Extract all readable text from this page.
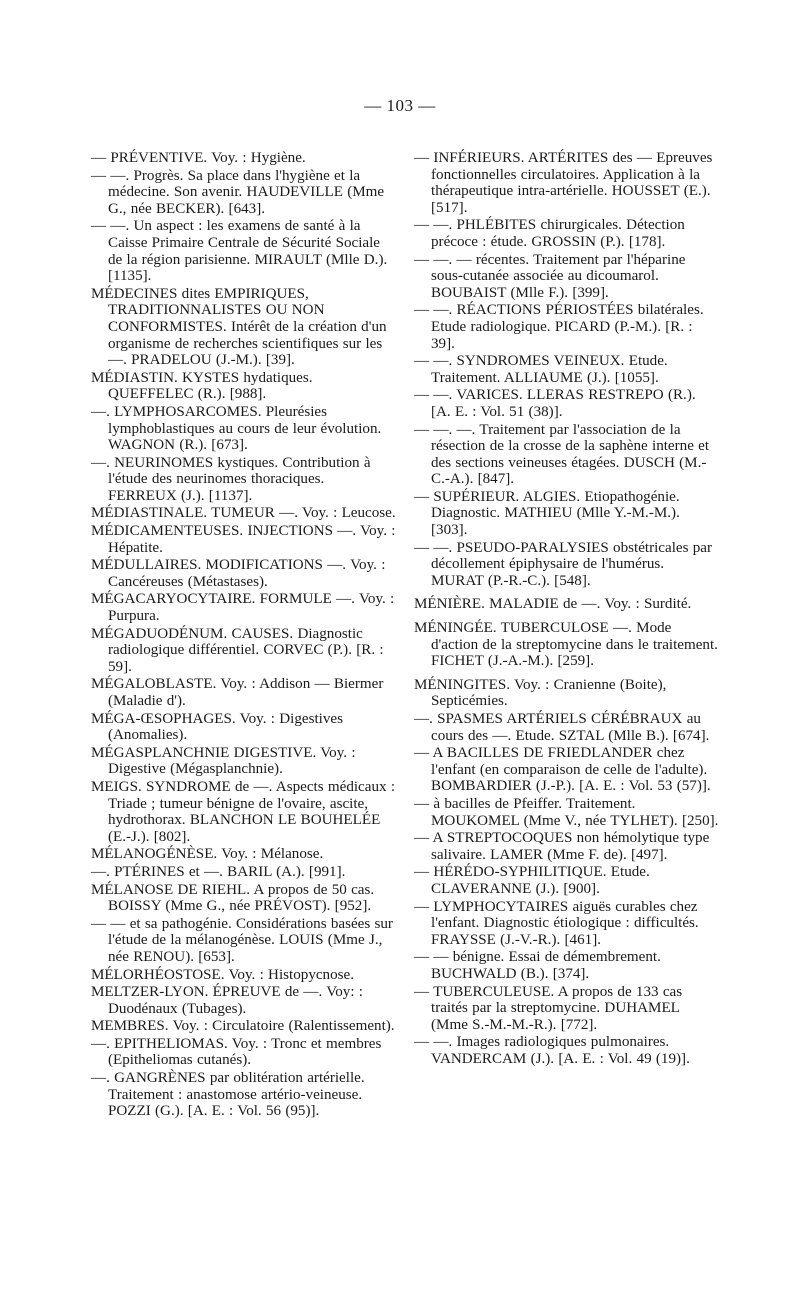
— 103 —

— PRÉVENTIVE. Voy. : Hygiène.

— —. Progrès. Sa place dans l'hygiène et la médecine. Son avenir. HAUDEVILLE (Mme G., née BECKER). [643].

— —. Un aspect : les examens de santé à la Caisse Primaire Centrale de Sécurité Sociale de la région parisienne. MIRAULT (Mlle D.). [1135].

MÉDECINES dites EMPIRIQUES, TRADITIONNALISTES OU NON CONFORMISTES. Intérêt de la création d'un organisme de recherches scientifiques sur les —. PRADELOU (J.-M.). [39].

MÉDIASTIN. KYSTES hydatiques. QUEFFELEC (R.). [988].

—. LYMPHOSARCOMES. Pleurésies lymphoblastiques au cours de leur évolution. WAGNON (R.). [673].

—. NEURINOMES kystiques. Contribution à l'étude des neurinomes thoraciques. FERREUX (J.). [1137].

MÉDIASTINALE. TUMEUR —. Voy. : Leucose.

MÉDICAMENTEUSES. INJECTIONS —. Voy. : Hépatite.

MÉDULLAIRES. MODIFICATIONS —. Voy. : Cancéreuses (Métastases).

MÉGACARYOCYTAIRE. FORMULE —. Voy. : Purpura.

MÉGADUODÉNUM. CAUSES. Diagnostic radiologique différentiel. CORVEC (P.). [R. : 59].

MÉGALOBLASTE. Voy. : Addison — Biermer (Maladie d').

MÉGA-ŒSOPHAGES. Voy. : Digestives (Anomalies).

MÉGASPLANCHNIE DIGESTIVE. Voy. : Digestive (Mégasplanchnie).

MEIGS. SYNDROME de —. Aspects médicaux : Triade ; tumeur bénigne de l'ovaire, ascite, hydrothorax. BLANCHON LE BOUHELÉE (E.-J.). [802].

MÉLANOGÉNÈSE. Voy. : Mélanose.

—. PTÉRINES et —. BARIL (A.). [991].

MÉLANOSE DE RIEHL. A propos de 50 cas. BOISSY (Mme G., née PRÉVOST). [952].

— — et sa pathogénie. Considérations basées sur l'étude de la mélanogénèse. LOUIS (Mme J., née RENOU). [653].

MÉLORHÉOSTOSE. Voy. : Histopycnose.

MELTZER-LYON. ÉPREUVE de —. Voy: : Duodénaux (Tubages).

MEMBRES. Voy. : Circulatoire (Ralentissement).

—. EPITHELIOMAS. Voy. : Tronc et membres (Epitheliomas cutanés).

—. GANGRÈNES par oblitération artérielle. Traitement : anastomose artério-veineuse. POZZI (G.). [A. E. : Vol. 56 (95)].

— INFÉRIEURS. ARTÉRITES des — Epreuves fonctionnelles circulatoires. Application à la thérapeutique intra-artérielle. HOUSSET (E.). [517].

— —. PHLÉBITES chirurgicales. Détection précoce : étude. GROSSIN (P.). [178].

— —. — récentes. Traitement par l'héparine sous-cutanée associée au dicoumarol. BOUBAIST (Mlle F.). [399].

— —. RÉACTIONS PÉRIOSTÉES bilatérales. Etude radiologique. PICARD (P.-M.). [R. : 39].

— —. SYNDROMES VEINEUX. Etude. Traitement. ALLIAUME (J.). [1055].

— —. VARICES. LLERAS RESTREPO (R.). [A. E. : Vol. 51 (38)].

— —. —. Traitement par l'association de la résection de la crosse de la saphène interne et des sections veineuses étagées. DUSCH (M.-C.-A.). [847].

— SUPÉRIEUR. ALGIES. Etiopathogénie. Diagnostic. MATHIEU (Mlle Y.-M.-M.). [303].

— —. PSEUDO-PARALYSIES obstétricales par décollement épiphysaire de l'humérus. MURAT (P.-R.-C.). [548].

MÉNIÈRE. MALADIE de —. Voy. : Surdité.

MÉNINGÉE. TUBERCULOSE —. Mode d'action de la streptomycine dans le traitement. FICHET (J.-A.-M.). [259].

MÉNINGITES. Voy. : Cranienne (Boite), Septicémies.

—. SPASMES ARTÉRIELS CÉRÉBRAUX au cours des —. Etude. SZTAL (Mlle B.). [674].

— A BACILLES DE FRIEDLANDER chez l'enfant (en comparaison de celle de l'adulte). BOMBARDIER (J.-P.). [A. E. : Vol. 53 (57)].

— à bacilles de Pfeiffer. Traitement. MOUKOMEL (Mme V., née TYLHET). [250].

— A STREPTOCOQUES non hémolytique type salivaire. LAMER (Mme F. de). [497].

— HÉRÉDO-SYPHILITIQUE. Etude. CLAVERANNE (J.). [900].

— LYMPHOCYTAIRES aiguës curables chez l'enfant. Diagnostic étiologique : difficultés. FRAYSSE (J.-V.-R.). [461].

— — bénigne. Essai de démembrement. BUCHWALD (B.). [374].

— TUBERCULEUSE. A propos de 133 cas traités par la streptomycine. DUHAMEL (Mme S.-M.-M.-R.). [772].

— —. Images radiologiques pulmonaires. VANDERCAM (J.). [A. E. : Vol. 49 (19)].
